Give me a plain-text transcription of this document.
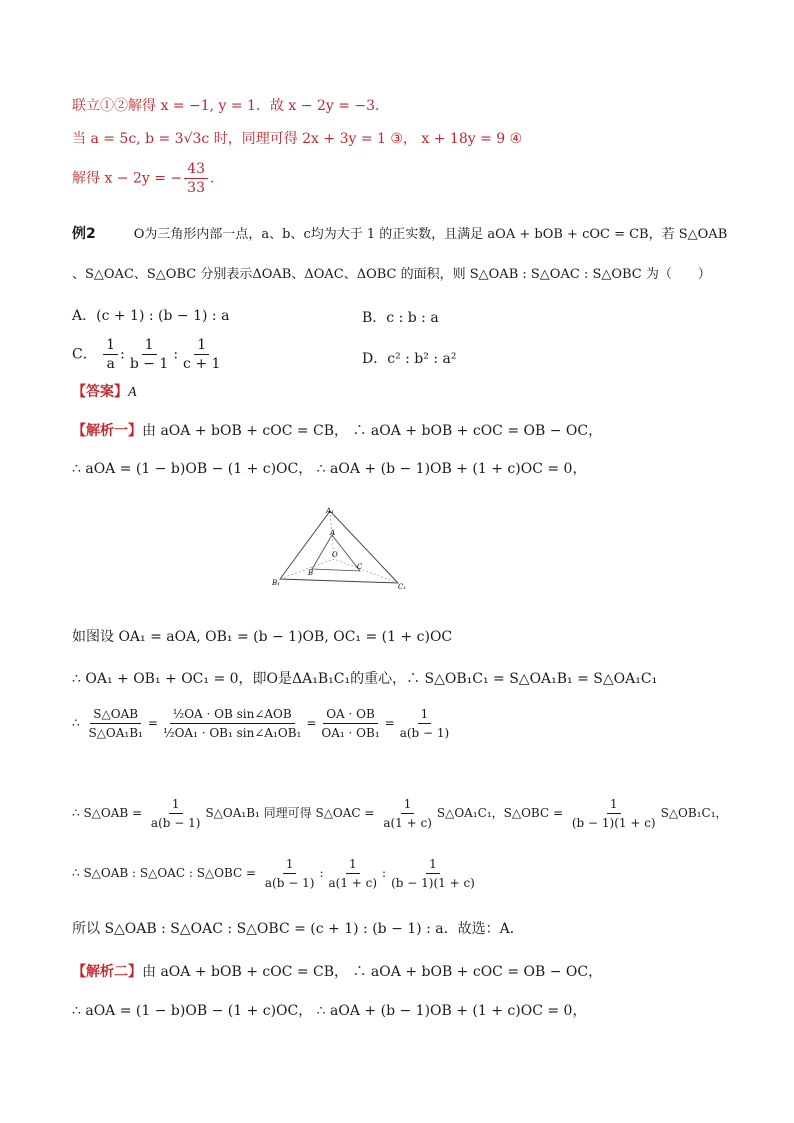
联立①②解得 x = −1, y = 1．故 x − 2y = −3．
当 a = 5c, b = 3√3c 时，同理可得 2x + 3y = 1 ③， x + 18y = 9 ④
解得 x − 2y = − $\frac{43}{33}$ ．
例2	O为三角形内部一点，a、b、c均为大于 1 的正实数，且满足 aOA + bOB + cOC = CB，若 S△OAB
、S△OAC、S△OBC 分别表示ΔOAB、ΔOAC、ΔOBC 的面积，则 S△OAB : S△OAC : S△OBC 为（　　）
A．(c + 1) : (b − 1) : a	B．c : b : a
C． $\frac{1}{a}$ : $\frac{1}{b - 1}$ : $\frac{1}{c + 1}$	D．c² : b² : a²
【答案】A
【解析一】由 aOA + bOB + cOC = CB， ∴ aOA + bOB + cOC = OB − OC，
∴ aOA = (1 − b)OB − (1 + c)OC， ∴ aOA + (b − 1)OB + (1 + c)OC = 0，
A₁
A
O
B
C
B₁	C₁
如图设 OA₁ = aOA, OB₁ = (b − 1)OB, OC₁ = (1 + c)OC
∴ OA₁ + OB₁ + OC₁ = 0，即O是ΔA₁B₁C₁的重心，∴ S△OB₁C₁ = S△OA₁B₁ = S△OA₁C₁
∴ $\frac{\text{S△OAB}}{\text{S△OA₁B₁}} = \frac{\text{½OA · OB sin∠AOB}}{\text{½OA₁ · OB₁ sin∠A₁OB₁}} = \frac{OA \cdot OB}{\text{OA₁ · OB₁}} = \frac{1}{a(b - 1)}$
∴ S△OAB = $\frac{1}{a(b - 1)}$ S△OA₁B₁ 同理可得 S△OAC = $\frac{1}{a(1 + c)}$ S△OA₁C₁，S△OBC = $\frac{1}{(b - 1)(1 + c)}$ S△OB₁C₁，
∴ S△OAB : S△OAC : S△OBC = $\frac{1}{a(b - 1)}$ : $\frac{1}{a(1 + c)}$ : $\frac{1}{(b - 1)(1 + c)}$
所以 S△OAB : S△OAC : S△OBC = (c + 1) : (b − 1) : a．故选：A．
【解析二】由 aOA + bOB + cOC = CB， ∴ aOA + bOB + cOC = OB − OC，
∴ aOA = (1 − b)OB − (1 + c)OC， ∴ aOA + (b − 1)OB + (1 + c)OC = 0，
